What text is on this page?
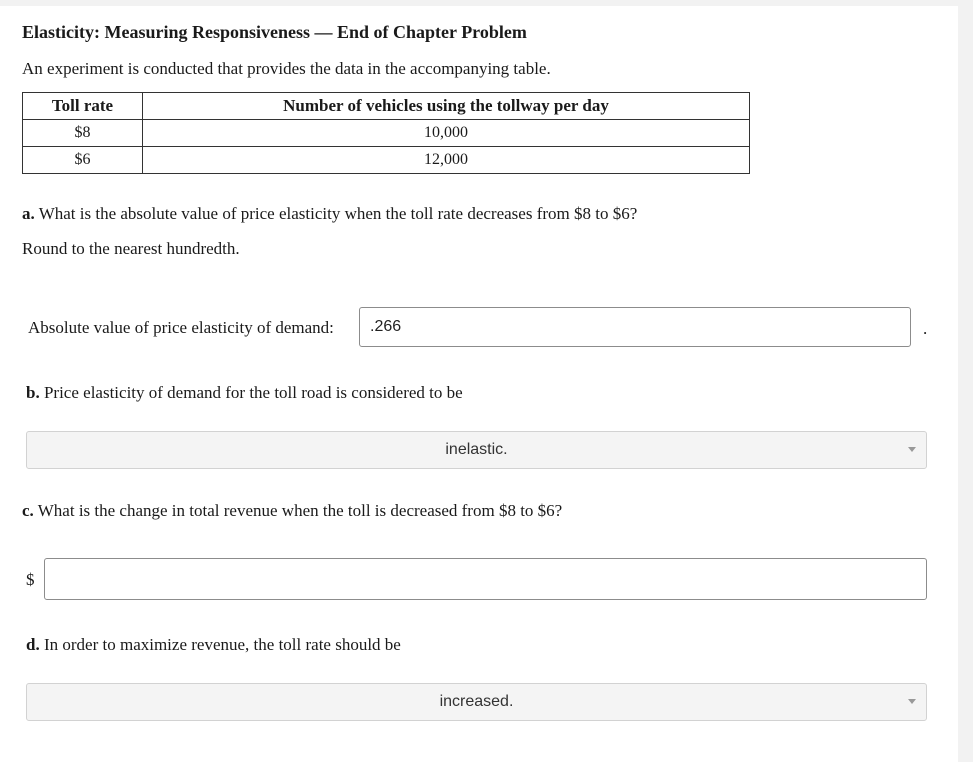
Elasticity: Measuring Responsiveness — End of Chapter Problem
An experiment is conducted that provides the data in the accompanying table.
Toll rate	Number of vehicles using the tollway per day
$8	10,000
$6	12,000
a. What is the absolute value of price elasticity when the toll rate decreases from $8 to $6?
Round to the nearest hundredth.
Absolute value of price elasticity of demand:	.266	.
b. Price elasticity of demand for the toll road is considered to be
inelastic.
c. What is the change in total revenue when the toll is decreased from $8 to $6?
$
d. In order to maximize revenue, the toll rate should be
increased.
